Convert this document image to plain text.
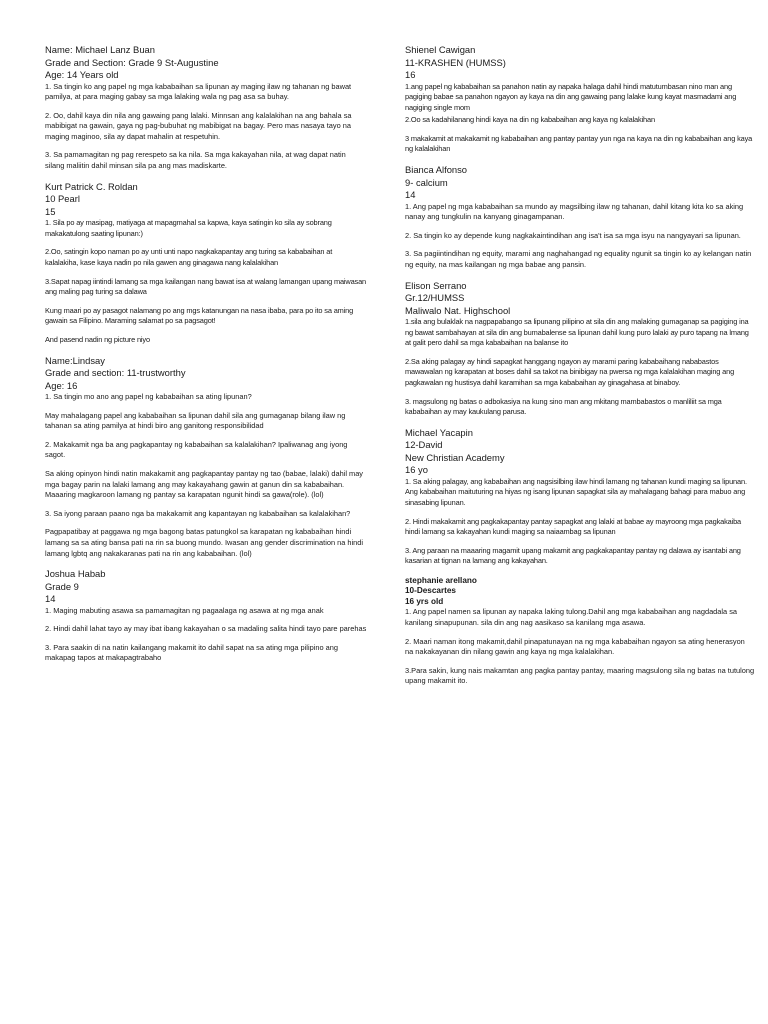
Name: Michael Lanz Buan
Grade and Section: Grade 9 St-Augustine
Age: 14 Years old

1. Sa tingin ko ang papel ng mga kababaihan sa lipunan ay maging ilaw ng tahanan ng bawat pamilya, at para maging gabay sa mga lalaking wala ng pag asa sa buhay.

2. Oo, dahil kaya din nila ang gawaing pang lalaki. Minnsan ang kalalakihan na ang bahala sa mabibigat na gawain, gaya ng pag-bubuhat ng mabibigat na bagay. Pero mas nasaya tayo na maging maginoo, sila ay dapat mahalin at respetuhin.

3. Sa pamamagitan ng pag rerespeto sa ka nila. Sa mga kakayahan nila, at wag dapat natin silang maliitin dahil minsan sila pa ang mas madiskarte.

Kurt Patrick C. Roldan
10 Pearl
15

1. Sila po ay masipag, matiyaga at mapagmahal sa kapwa, kaya satingin ko sila ay sobrang makakatulong saating lipunan:)

2.Oo, satingin kopo naman po ay unti unti napo nagkakapantay ang turing sa kababaihan at kalalakiha, kase kaya nadin po nila gawen ang ginagawa nang kalalakihan

3.Sapat napag iintindi lamang sa mga kailangan nang bawat isa at walang lamangan upang maiwasan ang maling pag turing sa dalawa

Kung maari po ay pasagot nalamang po ang mgs katanungan na nasa ibaba, para po ito sa aming gawain sa Filipino. Maraming salamat po sa pagsagot!

And pasend nadin ng picture niyo

Name:Lindsay
Grade and section: 11-trustworthy
Age: 16

1. Sa tingin mo ano ang papel ng kababaihan sa ating lipunan?

May mahalagang papel ang kababaihan sa lipunan dahil sila ang gumaganap bilang ilaw ng tahanan sa ating pamilya at hindi biro ang ganitong responsibilidad

2. Makakamit nga ba ang pagkapantay ng kababaihan sa kalalakihan? Ipaliwanag ang iyong sagot.

Sa aking opinyon hindi natin makakamit ang pagkapantay pantay ng tao (babae, lalaki) dahil may mga bagay parin na lalaki lamang ang may kakayahang gawin at ganun din sa kababaihan. Maaaring magkaroon lamang ng pantay sa karapatan ngunit hindi sa gawa(role). (lol)

3. Sa iyong paraan paano nga ba makakamit ang kapantayan ng kababaihan sa kalalakihan?

Pagpapatibay at paggawa ng mga bagong batas patungkol sa karapatan ng kababaihan hindi lamang sa sa ating bansa pati na rin sa buong mundo. Iwasan ang gender discrimination na hindi lamang lgbtq ang nakakaranas pati na rin ang kababaihan. (lol)

Joshua Habab
Grade 9
14

1. Maging mabuting asawa sa pamamagitan ng pagaalaga ng asawa at ng mga anak

2. Hindi dahil lahat tayo ay may ibat ibang kakayahan o sa madaling salita hindi tayo pare parehas

3. Para saakin di na natin kailangang makamit ito dahil sapat na sa ating mga pilipino ang makapag tapos at makapagtrabaho

Shienel Cawigan
11-KRASHEN (HUMSS)
16

1.ang papel ng kababaihan sa panahon natin ay napaka halaga dahil hindi matutumbasan nino man ang pagiging babae sa panahon ngayon ay kaya na din ang gawaing pang lalake kung kayat masmadami ang nagiging single mom

2.Oo sa kadahilanang hindi kaya na din ng kababaihan ang kaya ng kalalakihan

3 makakamit at makakamit ng kababaihan ang pantay pantay yun nga na kaya na din ng kababaihan ang kaya ng kalalakihan

Bianca Alfonso
9- calcium
14

1. Ang papel ng mga kababaihan sa mundo ay magsilbing ilaw ng tahanan, dahil kitang kita ko sa aking nanay ang tungkulin na kanyang ginagampanan.

2. Sa tingin ko ay depende kung nagkakaintindihan ang isa't isa sa mga isyu na nangyayari sa lipunan.

3. Sa pagiintindihan ng equity, marami ang naghahangad ng equality ngunit sa tingin ko ay kelangan natin ng equity, na mas kailangan ng mga babae ang pansin.

Elison Serrano
Gr.12/HUMSS
Maliwalo Nat. Highschool

1.sila ang bulaklak na nagpapabango sa lipunang pilipino at sila din ang malaking gumaganap sa pagiging ina ng bawat sambahayan at sila din ang bumabalense sa lipunan dahil kung puro lalaki ay puro tapang na lmang at galit pero dahil sa mga kababaihan na balanse ito

2.Sa aking palagay ay hindi sapagkat hanggang ngayon ay marami paring kababaihang nababastos mawawalan ng karapatan at boses dahil sa takot na binibigay na pwersa ng mga kalalakihan maging ang pagkawalan ng hustisya dahil karamihan sa mga kababaihan ay ginagahasa at binaboy.

3. magsulong ng batas o adbokasiya na kung sino man ang mkitang mambabastos o manliliit sa mga kababaihan ay may kaukulang parusa.

Michael Yacapin
12-David
New Christian Academy
16 yo

1. Sa aking palagay, ang kababaihan ang nagsisilbing ilaw hindi lamang ng tahanan kundi maging sa lipunan. Ang kababaihan maituturing na hiyas ng isang lipunan sapagkat sila ay mahalagang bahagi para mabuo ang sinasabing lipunan.

2. Hindi makakamit ang pagkakapantay pantay sapagkat ang lalaki at babae ay mayroong mga pagkakaiba hindi lamang sa kakayahan kundi maging sa naiaambag sa lipunan

3. Ang paraan na maaaring magamit upang makamit ang pagkakapantay pantay ng dalawa ay isantabi ang kasarian at tignan na lamang ang kakayahan.

stephanie arellano
10-Descartes
16 yrs old

1. Ang papel namen sa lipunan ay napaka laking tulong.Dahil ang mga kababaihan ang nagdadala sa kanilang sinapupunan. sila din ang nag aasikaso sa kanilang mga asawa.

2. Maari naman itong makamit,dahil pinapatunayan na ng mga kababaihan ngayon sa ating henerasyon na nakakayanan din nilang gawin ang kaya ng mga kalalakihan.

3.Para sakin, kung nais makamtan ang pagka pantay pantay, maaring magsulong sila ng batas na tutulong upang makamit ito.
